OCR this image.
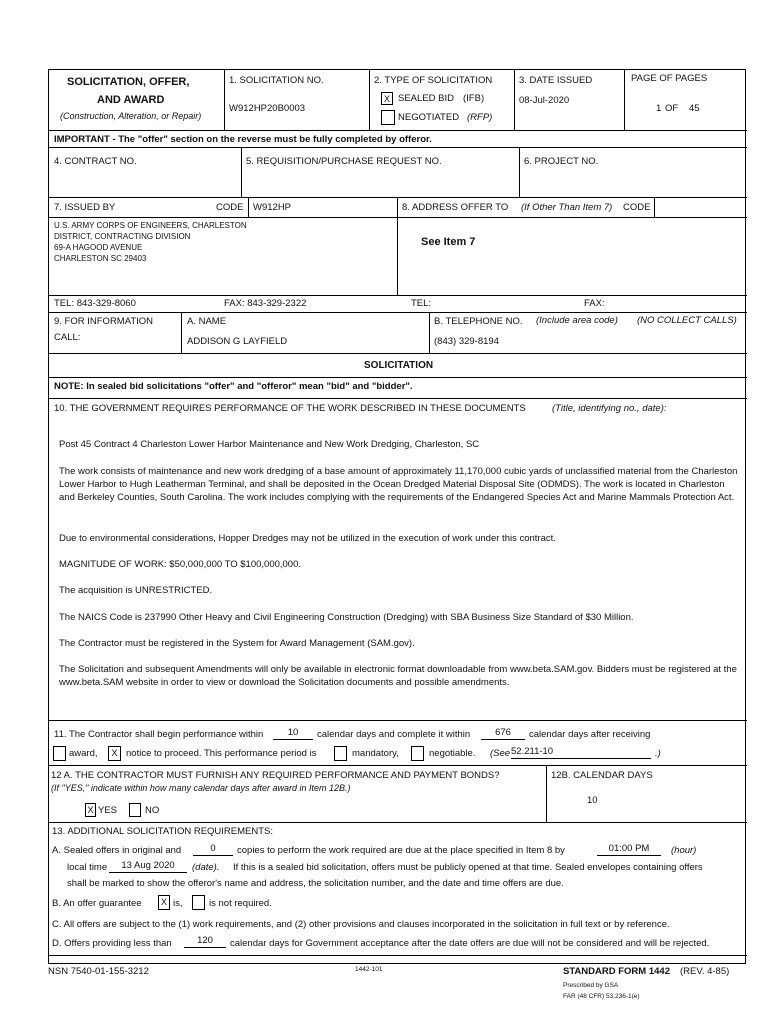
SOLICITATION, OFFER,
AND AWARD
(Construction, Alteration, or Repair)
1. SOLICITATION NO.
W912HP20B0003
2. TYPE OF SOLICITATION
X SEALED BID (IFB)
NEGOTIATED (RFP)
3. DATE ISSUED
08-Jul-2020
PAGE OF PAGES
1 OF 45
IMPORTANT - The "offer" section on the reverse must be fully completed by offeror.
4. CONTRACT NO.	5. REQUISITION/PURCHASE REQUEST NO.	6. PROJECT NO.
7. ISSUED BY	CODE W912HP
U.S. ARMY CORPS OF ENGINEERS, CHARLESTON
DISTRICT, CONTRACTING DIVISION
69-A HAGOOD AVENUE
CHARLESTON SC 29403
TEL: 843-329-8060	FAX: 843-329-2322
8. ADDRESS OFFER TO (If Other Than Item 7) CODE
See Item 7
TEL:	FAX:
9. FOR INFORMATION
CALL:
A. NAME
ADDISON G LAYFIELD
B. TELEPHONE NO. (Include area code) (NO COLLECT CALLS)
(843) 329-8194
SOLICITATION
NOTE: In sealed bid solicitations "offer" and "offeror" mean "bid" and "bidder".
10. THE GOVERNMENT REQUIRES PERFORMANCE OF THE WORK DESCRIBED IN THESE DOCUMENTS	(Title, identifying no., date):
Post 45 Contract 4 Charleston Lower Harbor Maintenance and New Work Dredging, Charleston, SC
The work consists of maintenance and new work dredging of a base amount of approximately 11,170,000 cubic yards of unclassified material from the Charleston Lower Harbor to Hugh Leatherman Terminal, and shall be deposited in the Ocean Dredged Material Disposal Site (ODMDS). The work is located in Charleston and Berkeley Counties, South Carolina. The work includes complying with the requirements of the Endangered Species Act and Marine Mammals Protection Act.
Due to environmental considerations, Hopper Dredges may not be utilized in the execution of work under this contract.
MAGNITUDE OF WORK: $50,000,000 TO $100,000,000.
The acquisition is UNRESTRICTED.
The NAICS Code is 237990 Other Heavy and Civil Engineering Construction (Dredging) with SBA Business Size Standard of $30 Million.
The Contractor must be registered in the System for Award Management (SAM.gov).
The Solicitation and subsequent Amendments will only be available in electronic format downloadable from www.beta.SAM.gov. Bidders must be registered at the www.beta.SAM website in order to view or download the Solicitation documents and possible amendments.
11. The Contractor shall begin performance within	10	calendar days and complete it within	676	calendar days after receiving
award,	X notice to proceed. This performance period is	mandatory,	negotiable. (See 52.211-10	.)
12 A. THE CONTRACTOR MUST FURNISH ANY REQUIRED PERFORMANCE AND PAYMENT BONDS?
(If "YES," indicate within how many calendar days after award in Item 12B.)
X YES	NO
12B. CALENDAR DAYS
10
13. ADDITIONAL SOLICITATION REQUIREMENTS:
A. Sealed offers in original and	0	copies to perform the work required are due at the place specified in Item 8 by	01:00 PM	(hour)
local time	13 Aug 2020	(date). If this is a sealed bid solicitation, offers must be publicly opened at that time. Sealed envelopes containing offers
shall be marked to show the offeror's name and address, the solicitation number, and the date and time offers are due.
B. An offer guarantee	X is,	is not required.
C. All offers are subject to the (1) work requirements, and (2) other provisions and clauses incorporated in the solicitation in full text or by reference.
D. Offers providing less than	120	calendar days for Government acceptance after the date offers are due will not be considered and will be rejected.
NSN 7540-01-155-3212	1442-101	STANDARD FORM 1442 (REV. 4-85)
Prescribed by GSA
FAR (48 CFR) 53.236-1(e)
